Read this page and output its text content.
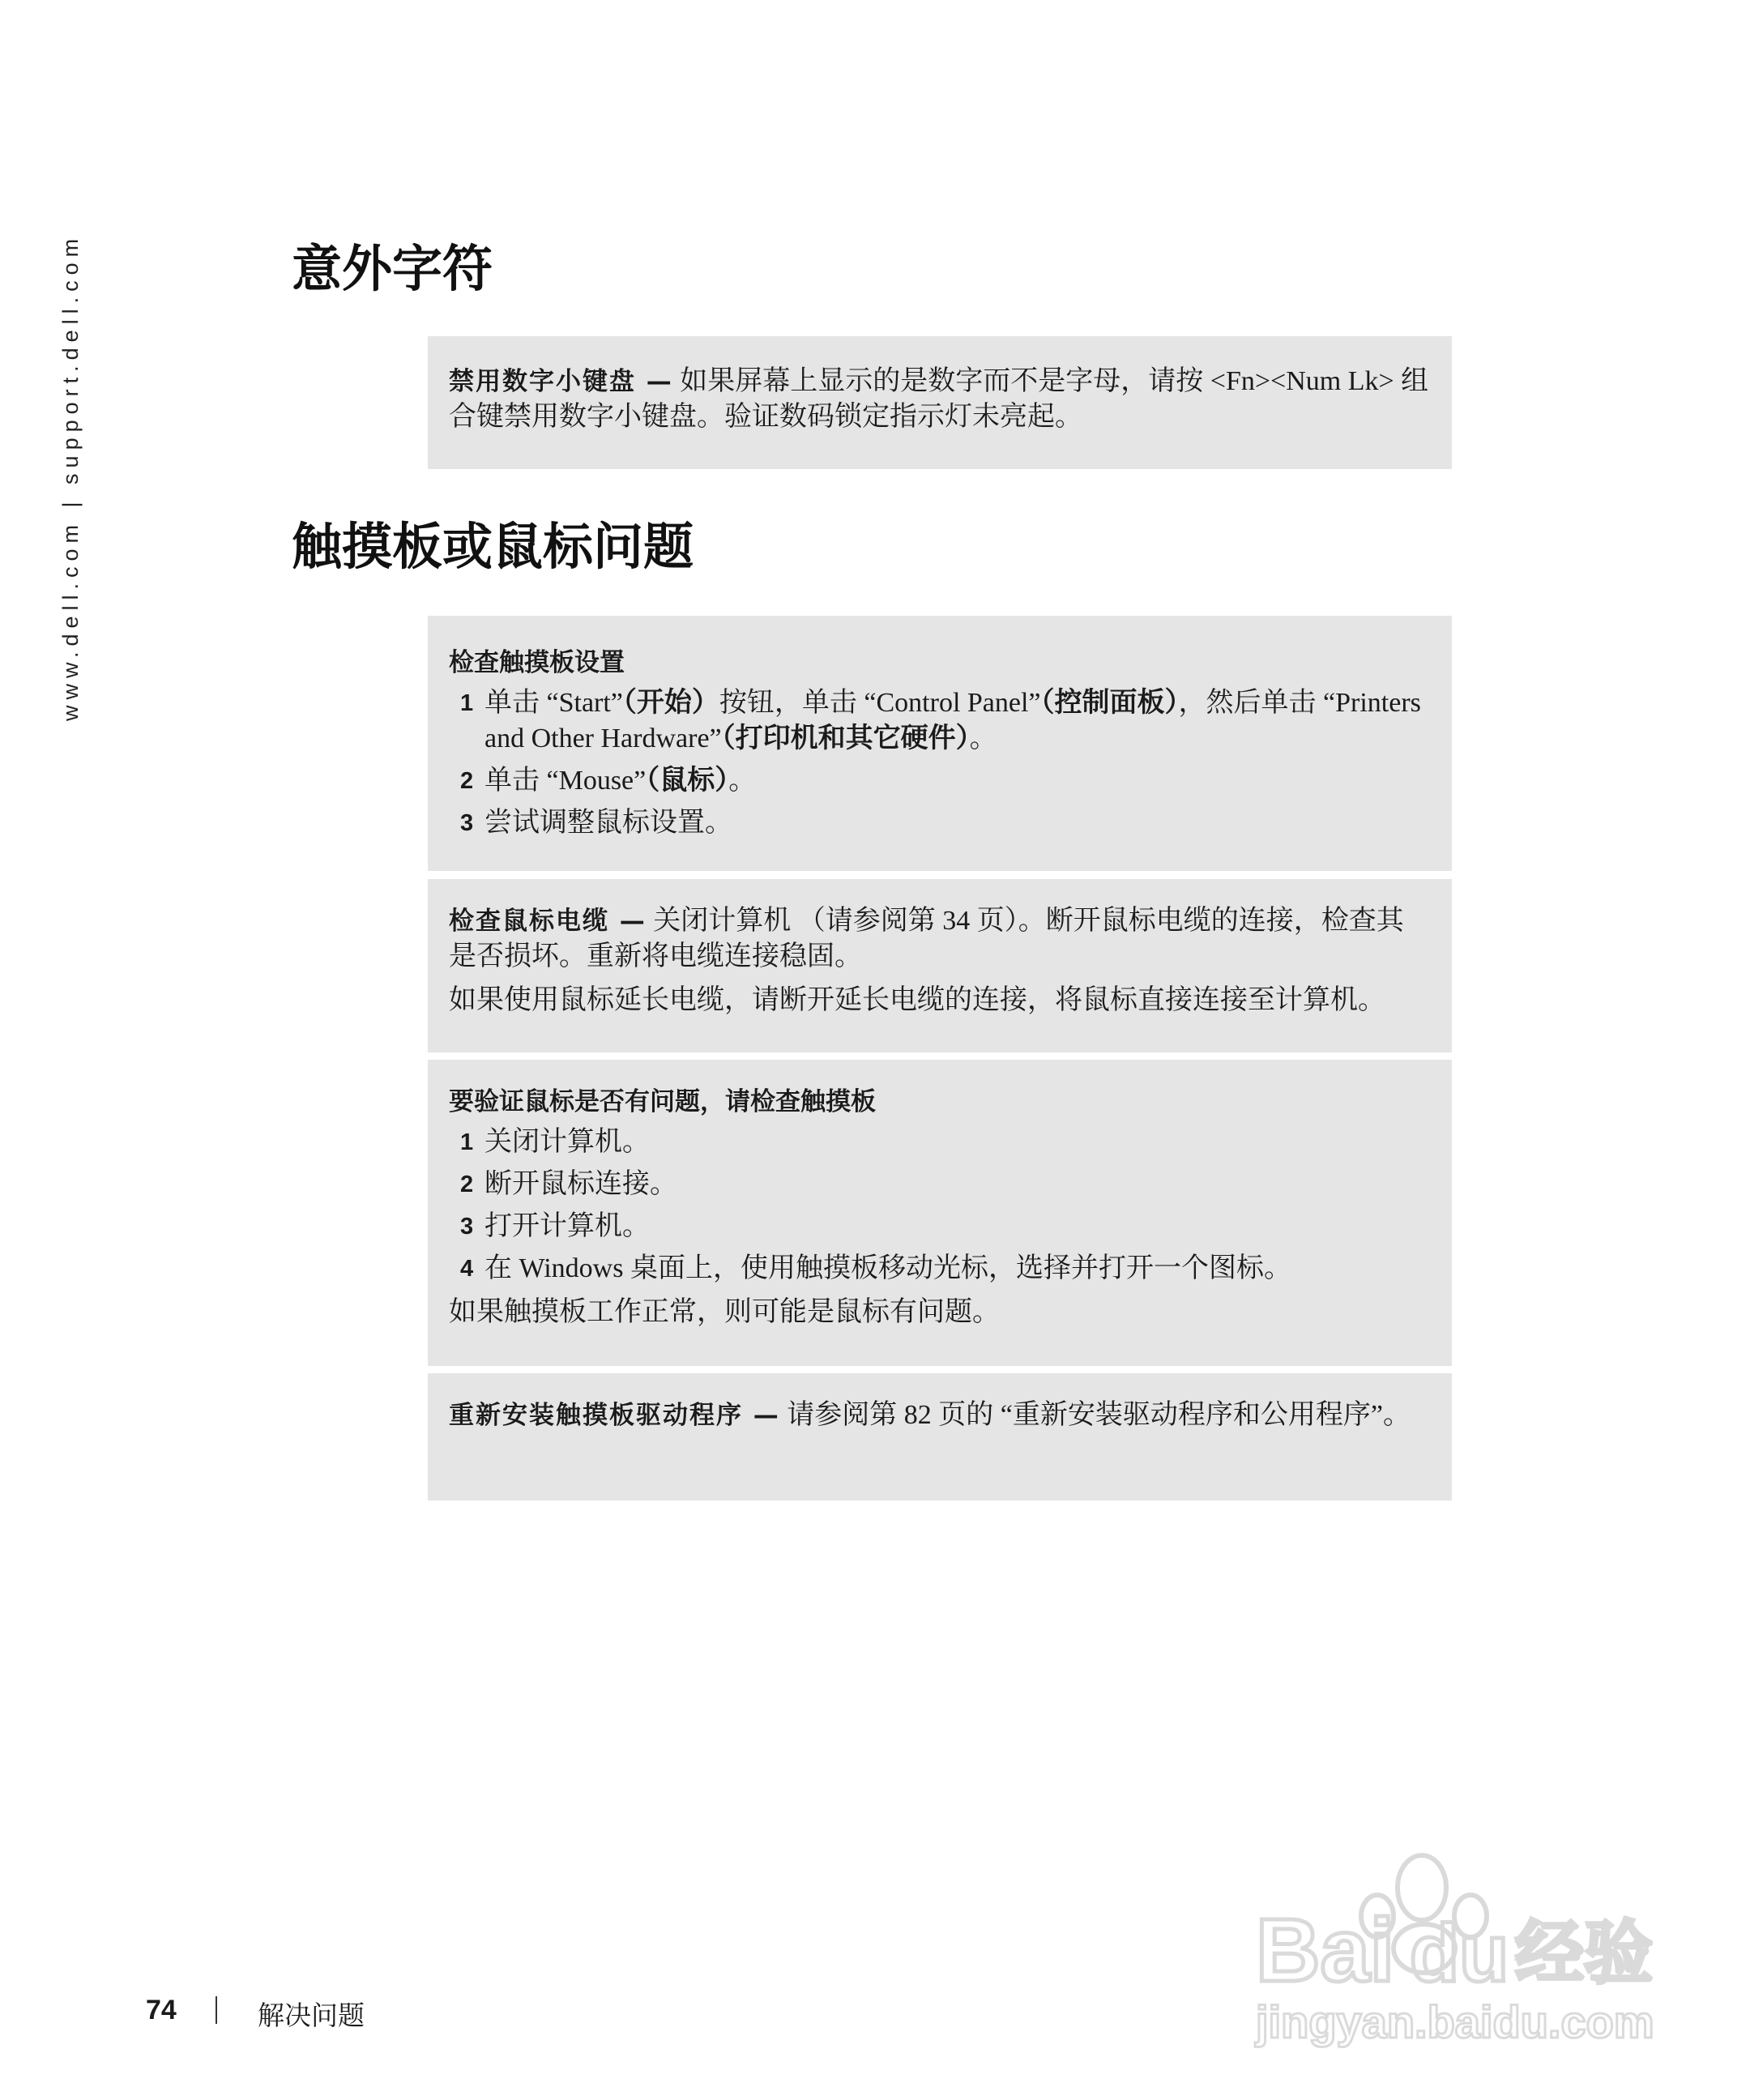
www.dell.com | support.dell.com	意外字符
禁用数字小键盘 — 如果屏幕上显示的是数字而不是字母，请按 <Fn><Num Lk> 组合键禁用数字小键盘。验证数码锁定指示灯未亮起。
触摸板或鼠标问题
检查触摸板设置
1 单击 “Start”（开始）按钮，单击 “Control Panel”（控制面板），然后单击 “Printers and Other Hardware”（打印机和其它硬件）。
2 单击 “Mouse”（鼠标）。
3 尝试调整鼠标设置。
检查鼠标电缆 — 关闭计算机 （请参阅第 34 页）。断开鼠标电缆的连接，检查其是否损坏。重新将电缆连接稳固。
如果使用鼠标延长电缆，请断开延长电缆的连接，将鼠标直接连接至计算机。
要验证鼠标是否有问题，请检查触摸板
1 关闭计算机。
2 断开鼠标连接。
3 打开计算机。
4 在 Windows 桌面上，使用触摸板移动光标，选择并打开一个图标。
如果触摸板工作正常，则可能是鼠标有问题。
重新安装触摸板驱动程序 — 请参阅第 82 页的 “重新安装驱动程序和公用程序”。
74	解决问题
Bai du 经验
jingyan.baidu.com
